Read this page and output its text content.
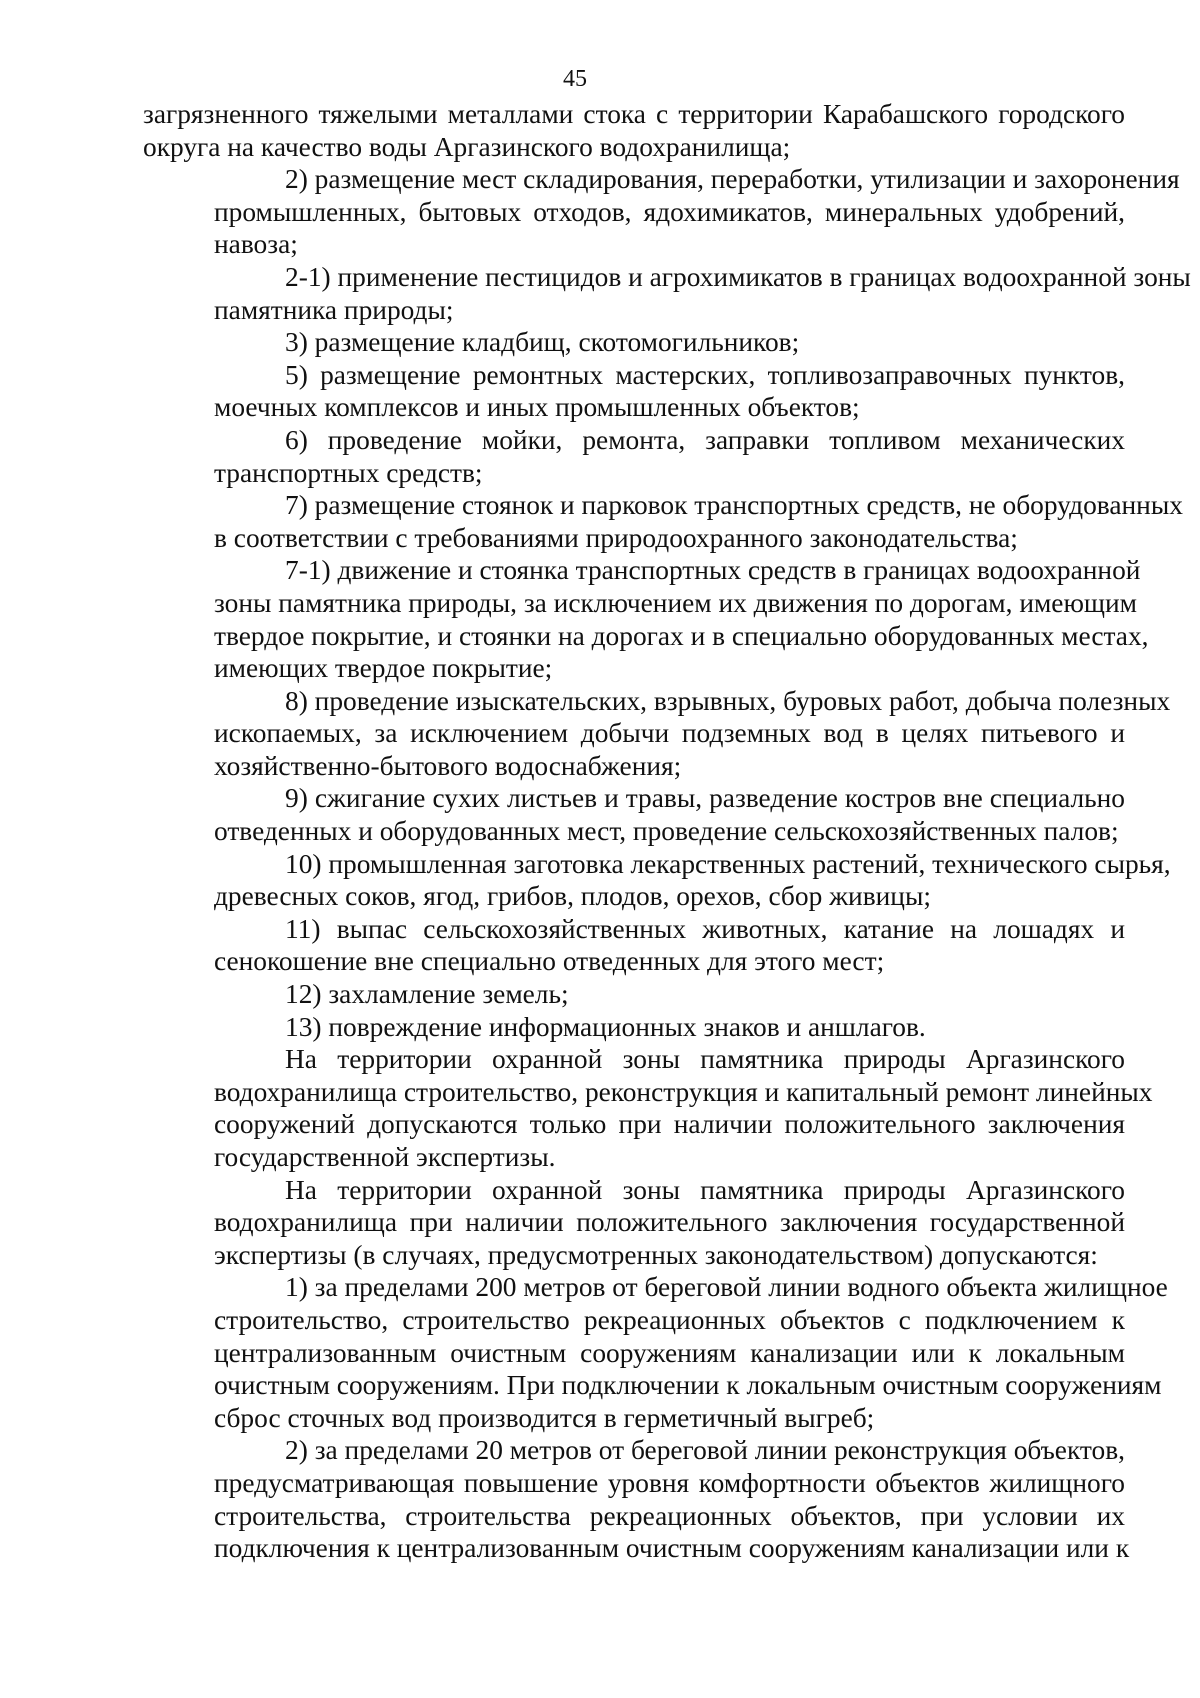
45
загрязненного тяжелыми металлами стока с территории Карабашского городского
округа на качество воды Аргазинского водохранилища;
2) размещение мест складирования, переработки, утилизации и захоронения
промышленных, бытовых отходов, ядохимикатов, минеральных удобрений,
навоза;
2-1) применение пестицидов и агрохимикатов в границах водоохранной зоны
памятника природы;
3) размещение кладбищ, скотомогильников;
5) размещение ремонтных мастерских, топливозаправочных пунктов,
моечных комплексов и иных промышленных объектов;
6) проведение мойки, ремонта, заправки топливом механических
транспортных средств;
7) размещение стоянок и парковок транспортных средств, не оборудованных
в соответствии с требованиями природоохранного законодательства;
7-1) движение и стоянка транспортных средств в границах водоохранной
зоны памятника природы, за исключением их движения по дорогам, имеющим
твердое покрытие, и стоянки на дорогах и в специально оборудованных местах,
имеющих твердое покрытие;
8) проведение изыскательских, взрывных, буровых работ, добыча полезных
ископаемых, за исключением добычи подземных вод в целях питьевого и
хозяйственно-бытового водоснабжения;
9) сжигание сухих листьев и травы, разведение костров вне специально
отведенных и оборудованных мест, проведение сельскохозяйственных палов;
10) промышленная заготовка лекарственных растений, технического сырья,
древесных соков, ягод, грибов, плодов, орехов, сбор живицы;
11) выпас сельскохозяйственных животных, катание на лошадях и
сенокошение вне специально отведенных для этого мест;
12) захламление земель;
13) повреждение информационных знаков и аншлагов.
На территории охранной зоны памятника природы Аргазинского
водохранилища строительство, реконструкция и капитальный ремонт линейных
сооружений допускаются только при наличии положительного заключения
государственной экспертизы.
На территории охранной зоны памятника природы Аргазинского
водохранилища при наличии положительного заключения государственной
экспертизы (в случаях, предусмотренных законодательством) допускаются:
1) за пределами 200 метров от береговой линии водного объекта жилищное
строительство, строительство рекреационных объектов с подключением к
централизованным очистным сооружениям канализации или к локальным
очистным сооружениям. При подключении к локальным очистным сооружениям
сброс сточных вод производится в герметичный выгреб;
2) за пределами 20 метров от береговой линии реконструкция объектов,
предусматривающая повышение уровня комфортности объектов жилищного
строительства, строительства рекреационных объектов, при условии их
подключения к централизованным очистным сооружениям канализации или к
